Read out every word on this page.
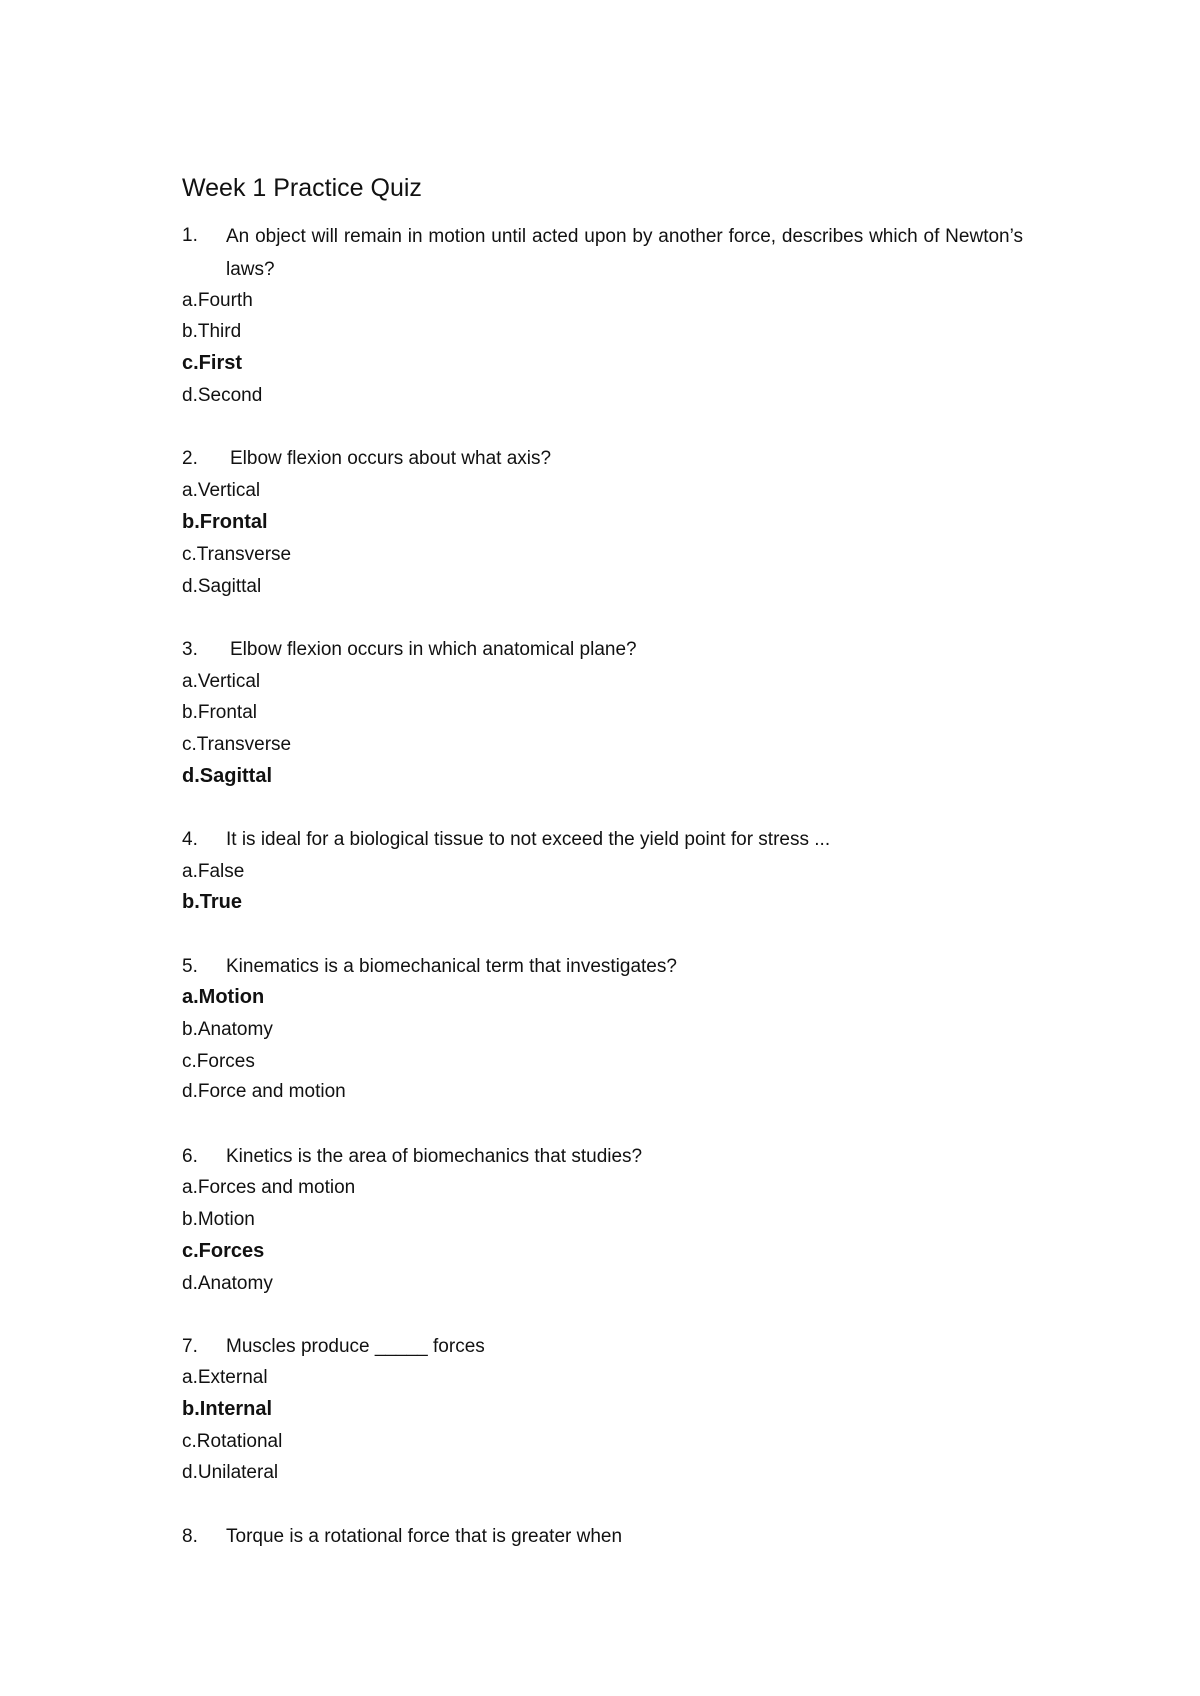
Week 1 Practice Quiz
1. An object will remain in motion until acted upon by another force, describes which of Newton’s laws?
a.Fourth
b.Third
c.First
d.Second
2. Elbow flexion occurs about what axis?
a.Vertical
b.Frontal
c.Transverse
d.Sagittal
3. Elbow flexion occurs in which anatomical plane?
a.Vertical
b.Frontal
c.Transverse
d.Sagittal
4. It is ideal for a biological tissue to not exceed the yield point for stress ...
a.False
b.True
5. Kinematics is a biomechanical term that investigates?
a.Motion
b.Anatomy
c.Forces
d.Force and motion
6. Kinetics is the area of biomechanics that studies?
a.Forces and motion
b.Motion
c.Forces
d.Anatomy
7. Muscles produce _____ forces
a.External
b.Internal
c.Rotational
d.Unilateral
8. Torque is a rotational force that is greater when
